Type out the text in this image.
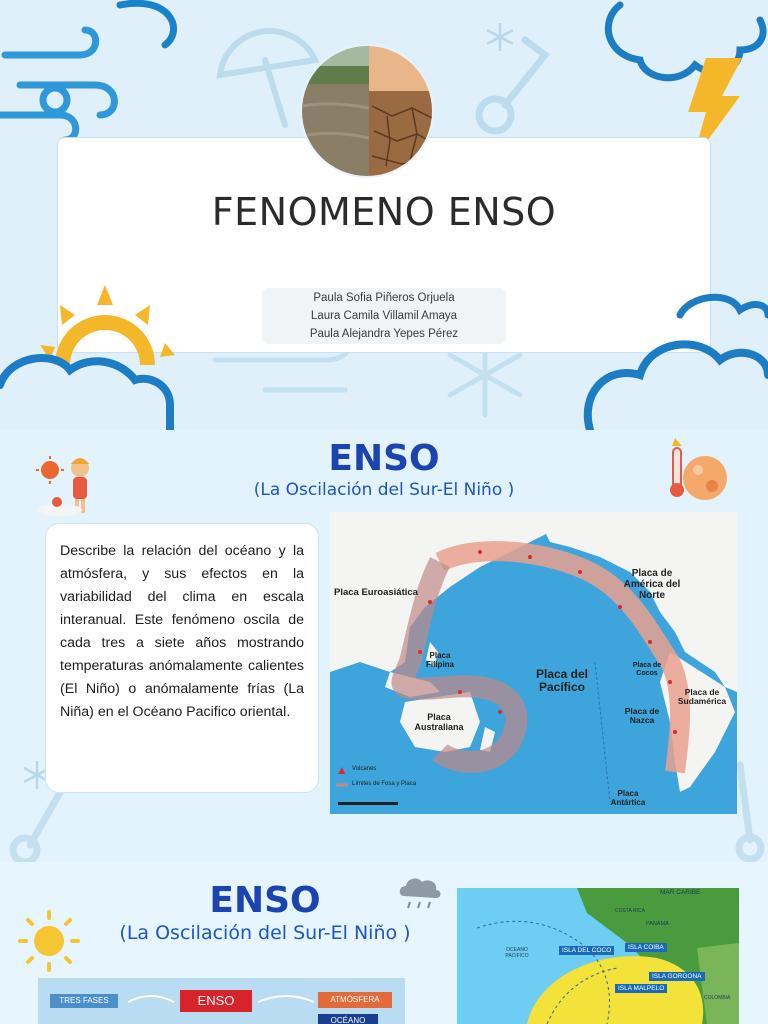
FENOMENO ENSO
Paula Sofia Piñeros Orjuela
Laura Camila Villamil Amaya
Paula Alejandra Yepes Pérez
ENSO
(La Oscilación del Sur-El Niño )

Describe la relación del océano y la atmósfera, y sus efectos en la variabilidad del clima en escala interanual. Este fenómeno oscila de cada tres a siete años mostrando temperaturas anómalamente calientes (El Niño) o anómalamente frías (La Niña) en el Océano Pacifico oriental.

Placa Euroasiática
Placa de América del Norte
Placa Filipina
Placa del Pacífico
Placa de Cocos
Placa de Sudamérica
Placa de Nazca
Placa Australiana
Placa Antártica
Volcanes
Límites de Fosa y Placa
ENSO
(La Oscilación del Sur-El Niño )
TRES FASES	ENSO	ATMÓSFERA
OCÉANO
MAR CARIBE
COSTA RICA
PANAMA
OCEANO PACIFICO
ISLA DEL COCO	ISLA COIBA
ISLA GORGONA
ISLA MALPELO
COLOMBIA
